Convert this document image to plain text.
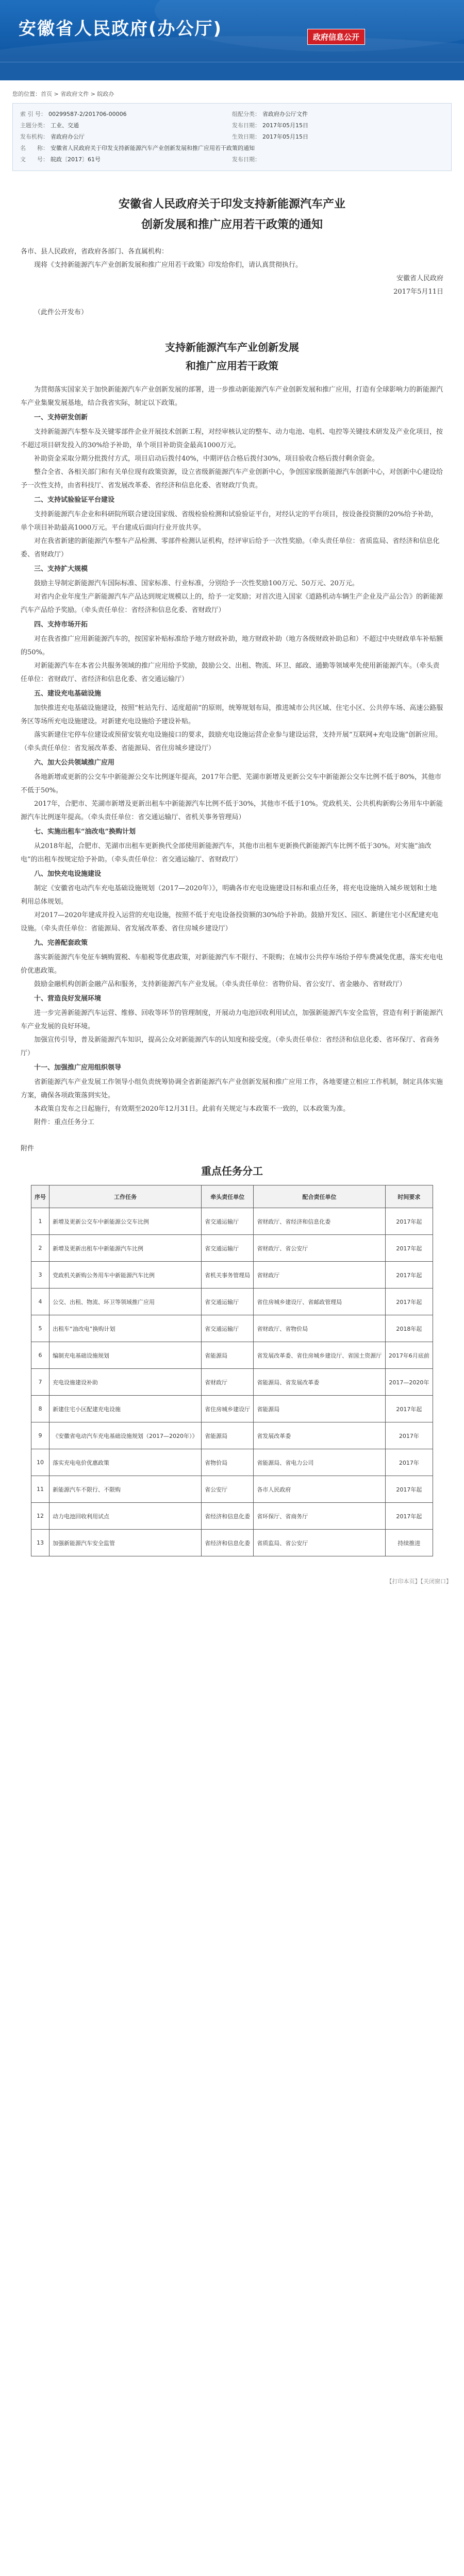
安徽省人民政府(办公厅)	政府信息公开
您的位置：首页 > 省政府文件 > 皖政办
索 引 号： 00299587-2/201706-00006	组配分类： 省政府办公厅文件
主题分类： 工业、交通	发布日期： 2017年05月15日
发布机构： 省政府办公厅	生效日期： 2017年05月15日
名　　称： 安徽省人民政府关于印发支持新能源汽车产业创新发展和推广应用若干政策的通知
文　　号： 皖政〔2017〕61号	发布日期：
安徽省人民政府关于印发支持新能源汽车产业
创新发展和推广应用若干政策的通知

各市、县人民政府，省政府各部门、各直属机构：

现将《支持新能源汽车产业创新发展和推广应用若干政策》印发给你们，请认真贯彻执行。

安徽省人民政府

2017年5月11日

（此件公开发布）

支持新能源汽车产业创新发展
和推广应用若干政策

为贯彻落实国家关于加快新能源汽车产业创新发展的部署，进一步推动新能源汽车产业创新发展和推广应用，打造有全球影响力的新能源汽车产业集聚发展基地，结合我省实际，制定以下政策。

一、支持研发创新

支持新能源汽车整车及关键零部件企业开展技术创新工程，对经审核认定的整车、动力电池、电机、电控等关键技术研发及产业化项目，按不超过项目研发投入的30%给予补助，单个项目补助资金最高1000万元。

补助资金采取分期分批拨付方式，项目启动后拨付40%，中期评估合格后拨付30%，项目验收合格后拨付剩余资金。

整合全省、各相关部门和有关单位现有政策资源，设立省级新能源汽车产业创新中心，争创国家级新能源汽车创新中心，对创新中心建设给予一次性支持，由省科技厅、省发展改革委、省经济和信息化委、省财政厅负责。

二、支持试验验证平台建设

支持新能源汽车企业和科研院所联合建设国家级、省级检验检测和试验验证平台，对经认定的平台项目，按设备投资额的20%给予补助，单个项目补助最高1000万元。平台建成后面向行业开放共享。

对在我省新建的新能源汽车整车产品检测、零部件检测认证机构，经评审后给予一次性奖励。（牵头责任单位：省质监局、省经济和信息化委、省财政厅）

三、支持扩大规模

鼓励主导制定新能源汽车国际标准、国家标准、行业标准，分别给予一次性奖励100万元、50万元、20万元。

对省内企业年度生产新能源汽车产品达到规定规模以上的，给予一定奖励；对首次进入国家《道路机动车辆生产企业及产品公告》的新能源汽车产品给予奖励。（牵头责任单位：省经济和信息化委、省财政厅）

四、支持市场开拓

对在我省推广应用新能源汽车的，按国家补贴标准给予地方财政补助，地方财政补助（地方各级财政补助总和）不超过中央财政单车补贴额的50%。

对新能源汽车在本省公共服务领域的推广应用给予奖励，鼓励公交、出租、物流、环卫、邮政、通勤等领域率先使用新能源汽车。（牵头责任单位：省财政厅、省经济和信息化委、省交通运输厅）

五、建设充电基础设施

加快推进充电基础设施建设，按照“桩站先行、适度超前”的原则，统筹规划布局，推进城市公共区域、住宅小区、公共停车场、高速公路服务区等场所充电设施建设。对新建充电设施给予建设补贴。

落实新建住宅停车位建设或预留安装充电设施接口的要求，鼓励充电设施运营企业参与建设运营，支持开展“互联网+充电设施”创新应用。（牵头责任单位：省发展改革委、省能源局、省住房城乡建设厅）

六、加大公共领域推广应用

各地新增或更新的公交车中新能源公交车比例逐年提高，2017年合肥、芜湖市新增及更新公交车中新能源公交车比例不低于80%，其他市不低于50%。

2017年，合肥市、芜湖市新增及更新出租车中新能源汽车比例不低于30%，其他市不低于10%。党政机关、公共机构新购公务用车中新能源汽车比例逐年提高。（牵头责任单位：省交通运输厅、省机关事务管理局）

七、实施出租车“油改电”换购计划

从2018年起，合肥市、芜湖市出租车更新换代全部使用新能源汽车，其他市出租车更新换代新能源汽车比例不低于30%。对实施“油改电”的出租车按规定给予补助。（牵头责任单位：省交通运输厅、省财政厅）

八、加快充电设施建设

制定《安徽省电动汽车充电基础设施规划（2017—2020年）》，明确各市充电设施建设目标和重点任务，将充电设施纳入城乡规划和土地利用总体规划。

对2017—2020年建成并投入运营的充电设施，按照不低于充电设备投资额的30%给予补助。鼓励开发区、园区、新建住宅小区配建充电设施。（牵头责任单位：省能源局、省发展改革委、省住房城乡建设厅）

九、完善配套政策

落实新能源汽车免征车辆购置税、车船税等优惠政策，对新能源汽车不限行、不限购；在城市公共停车场给予停车费减免优惠，落实充电电价优惠政策。

鼓励金融机构创新金融产品和服务，支持新能源汽车产业发展。（牵头责任单位：省物价局、省公安厅、省金融办、省财政厅）

十、营造良好发展环境

进一步完善新能源汽车运营、维修、回收等环节的管理制度，开展动力电池回收利用试点，加强新能源汽车安全监管，营造有利于新能源汽车产业发展的良好环境。

加强宣传引导，普及新能源汽车知识，提高公众对新能源汽车的认知度和接受度。（牵头责任单位：省经济和信息化委、省环保厅、省商务厅）

十一、加强推广应用组织领导

省新能源汽车产业发展工作领导小组负责统筹协调全省新能源汽车产业创新发展和推广应用工作，各地要建立相应工作机制，制定具体实施方案，确保各项政策落到实处。

本政策自发布之日起施行，有效期至2020年12月31日。此前有关规定与本政策不一致的，以本政策为准。

附件：重点任务分工

附件
重点任务分工
序号	工作任务	牵头责任单位	配合责任单位	时间要求
1	新增及更新公交车中新能源公交车比例	省交通运输厅	省财政厅、省经济和信息化委	2017年起
2	新增及更新出租车中新能源汽车比例	省交通运输厅	省财政厅、省公安厅	2017年起
3	党政机关新购公务用车中新能源汽车比例	省机关事务管理局	省财政厅	2017年起
4	公交、出租、物流、环卫等领域推广应用	省交通运输厅	省住房城乡建设厅、省邮政管理局	2017年起
5	出租车“油改电”换购计划	省交通运输厅	省财政厅、省物价局	2018年起
6	编制充电基础设施规划	省能源局	省发展改革委、省住房城乡建设厅、省国土资源厅	2017年6月底前
7	充电设施建设补助	省财政厅	省能源局、省发展改革委	2017—2020年
8	新建住宅小区配建充电设施	省住房城乡建设厅	省能源局	2017年起
9	《安徽省电动汽车充电基础设施规划（2017—2020年）》	省能源局	省发展改革委	2017年
10	落实充电电价优惠政策	省物价局	省能源局、省电力公司	2017年
11	新能源汽车不限行、不限购	省公安厅	各市人民政府	2017年起
12	动力电池回收利用试点	省经济和信息化委	省环保厅、省商务厅	2017年起
13	加强新能源汽车安全监管	省经济和信息化委	省质监局、省公安厅	持续推进
【打印本页】【关闭窗口】
